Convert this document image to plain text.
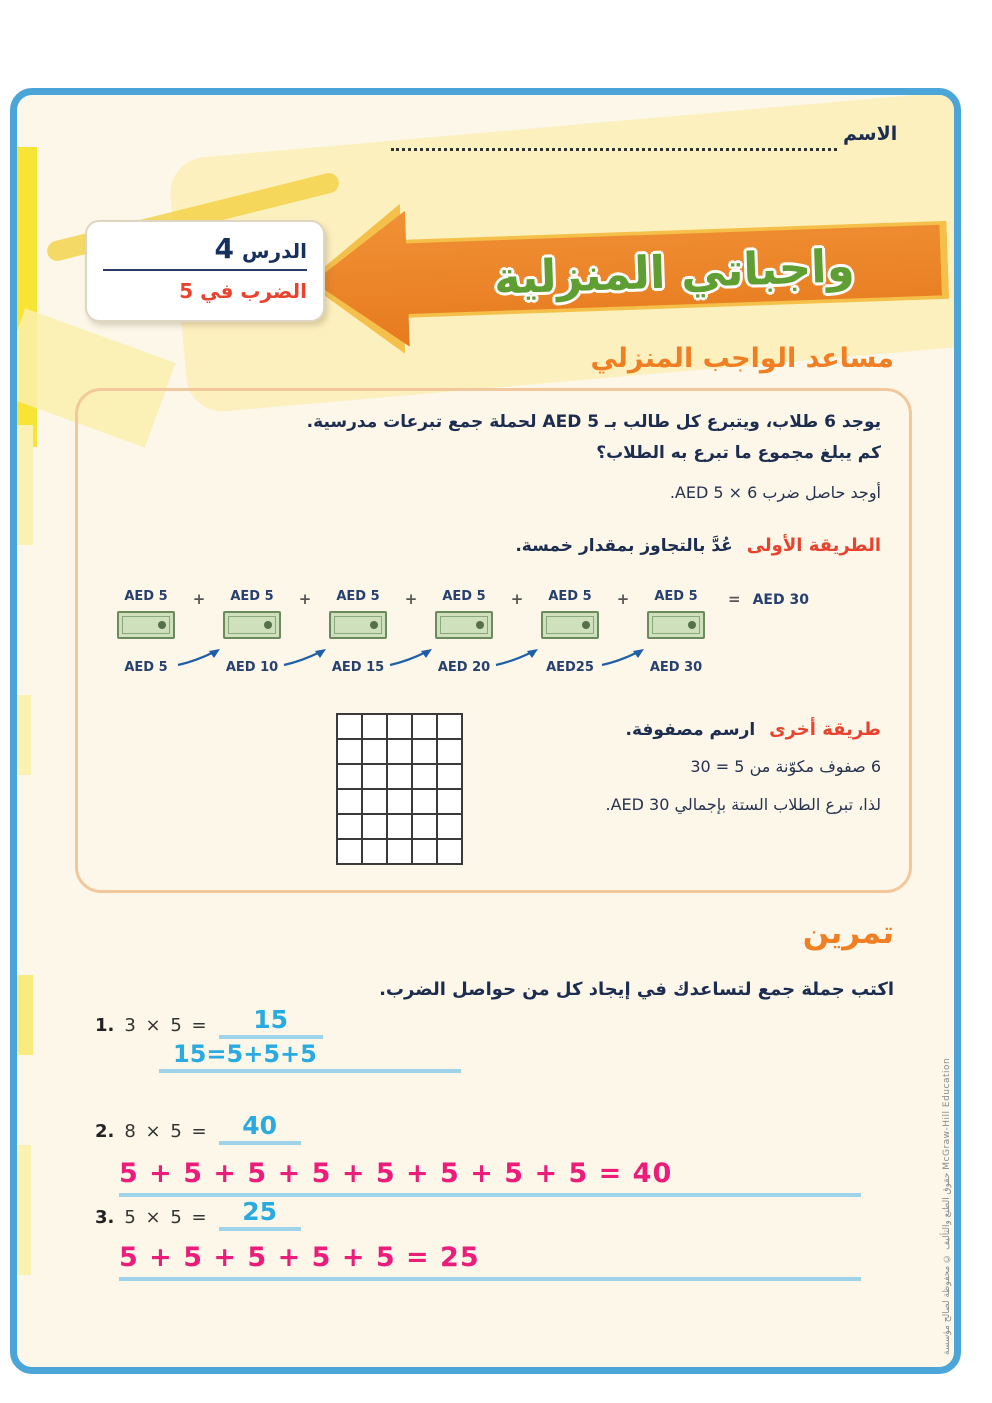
الاسم
واجباتي المنزلية
الدرس
4
الضرب في 5
مساعد الواجب المنزلي
يوجد 6 طلاب، ويتبرع كل طالب بـ AED 5 لحملة جمع تبرعات مدرسية.
كم يبلغ مجموع ما تبرع به الطلاب؟
أوجد حاصل ضرب AED 5 × 6.
الطريقة الأولى عُدَّ بالتجاوز بمقدار خمسة.
AED 5	+	AED 5	+	AED 5	+	AED 5	+	AED 5	+	AED 5 = AED 30
AED 5	AED 10	AED 15	AED 20	AED25	AED 30
طريقة أخرى ارسم مصفوفة.
6 صفوف مكوّنة من 5 = 30
لذا، تبرع الطلاب الستة بإجمالي AED 30.
تمرين
اكتب جملة جمع لتساعدك في إيجاد كل من حواصل الضرب.
1. 3 × 5 =	15
15=5+5+5
2. 8 × 5 =	40
5 + 5 + 5 + 5 + 5 + 5 + 5 + 5 = 40
3. 5 × 5 =	25
5 + 5 + 5 + 5 + 5 = 25	حقوق الطبع والتأليف © محفوظة لصالح مؤسسة McGraw-Hill Education
